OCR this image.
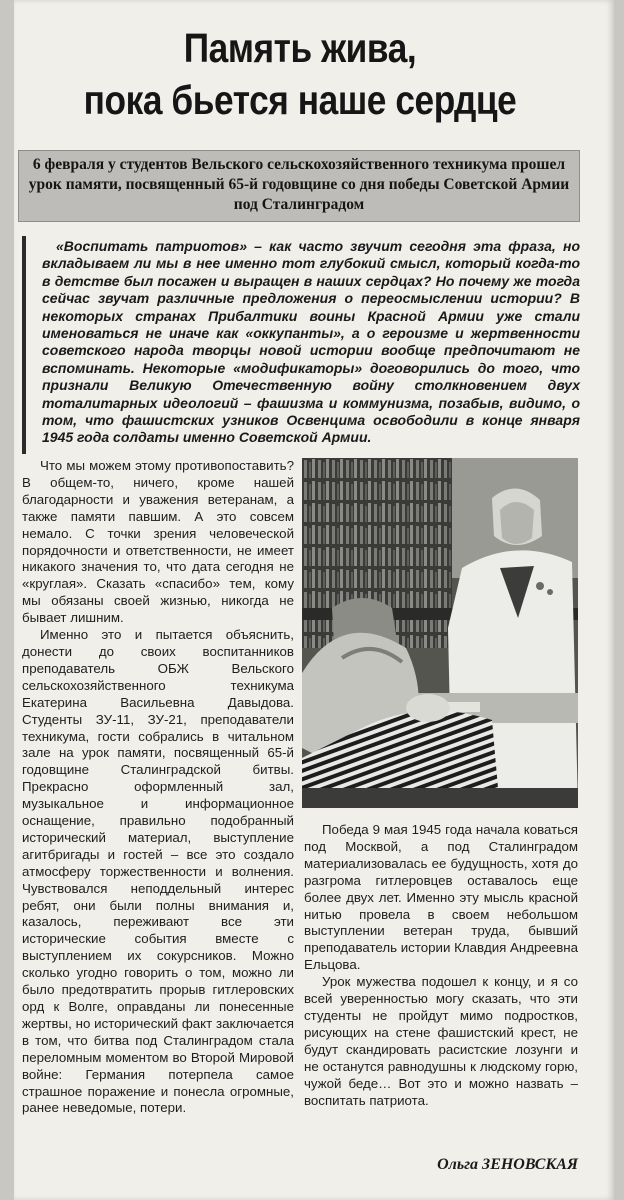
Память жива,
пока бьется наше сердце
6 февраля у студентов Вельского сельскохозяйственного техникума прошел урок памяти, посвященный 65-й годовщине со дня победы Советской Армии под Сталинградом
«Воспитать патриотов» – как часто звучит сегодня эта фраза, но вкладываем ли мы в нее именно тот глубокий смысл, который когда-то в детстве был посажен и выращен в наших сердцах? Но почему же тогда сейчас звучат различные предложения о переосмыслении истории? В некоторых странах Прибалтики воины Красной Армии уже стали именоваться не иначе как «оккупанты», а о героизме и жертвенности советского народа творцы новой истории вообще предпочитают не вспоминать. Некоторые «модификаторы» договорились до того, что признали Великую Отечественную войну столкновением двух тоталитарных идеологий – фашизма и коммунизма, позабыв, видимо, о том, что фашистских узников Освенцима освободили в конце января 1945 года солдаты именно Советской Армии.

Что мы можем этому противопоставить? В общем-то, ничего, кроме нашей благодарности и уважения ветеранам, а также памяти павшим. А это совсем немало. С точки зрения человеческой порядочности и ответственности, не имеет никакого значения то, что дата сегодня не «круглая». Сказать «спасибо» тем, кому мы обязаны своей жизнью, никогда не бывает лишним.

Именно это и пытается объяснить, донести до своих воспитанников преподаватель ОБЖ Вельского сельскохозяйственного техникума Екатерина Васильевна Давыдова. Студенты ЗУ-11, ЗУ-21, преподаватели техникума, гости собрались в читальном зале на урок памяти, посвященный 65-й годовщине Сталинградской битвы. Прекрасно оформленный зал, музыкальное и информационное оснащение, правильно подобранный исторический материал, выступление агитбригады и гостей – все это создало атмосферу торжественности и волнения. Чувствовался неподдельный интерес ребят, они были полны внимания и, казалось, переживают все эти исторические события вместе с выступлением их сокурсников. Можно сколько угодно говорить о том, можно ли было предотвратить прорыв гитлеровских орд к Волге, оправданы ли понесенные жертвы, но исторический факт заключается в том, что битва под Сталинградом стала переломным моментом во Второй Мировой войне: Германия потерпела самое страшное поражение и понесла огромные, ранее неведомые, потери.

Победа 9 мая 1945 года начала коваться под Москвой, а под Сталинградом материализовалась ее будущность, хотя до разгрома гитлеровцев оставалось еще более двух лет. Именно эту мысль красной нитью провела в своем небольшом выступлении ветеран труда, бывший преподаватель истории Клавдия Андреевна Ельцова.

Урок мужества подошел к концу, и я со всей уверенностью могу сказать, что эти студенты не пройдут мимо подростков, рисующих на стене фашистский крест, не будут скандировать расистские лозунги и не останутся равнодушны к людскому горю, чужой беде… Вот это и можно назвать – воспитать патриота.

Ольга ЗЕНОВСКАЯ
